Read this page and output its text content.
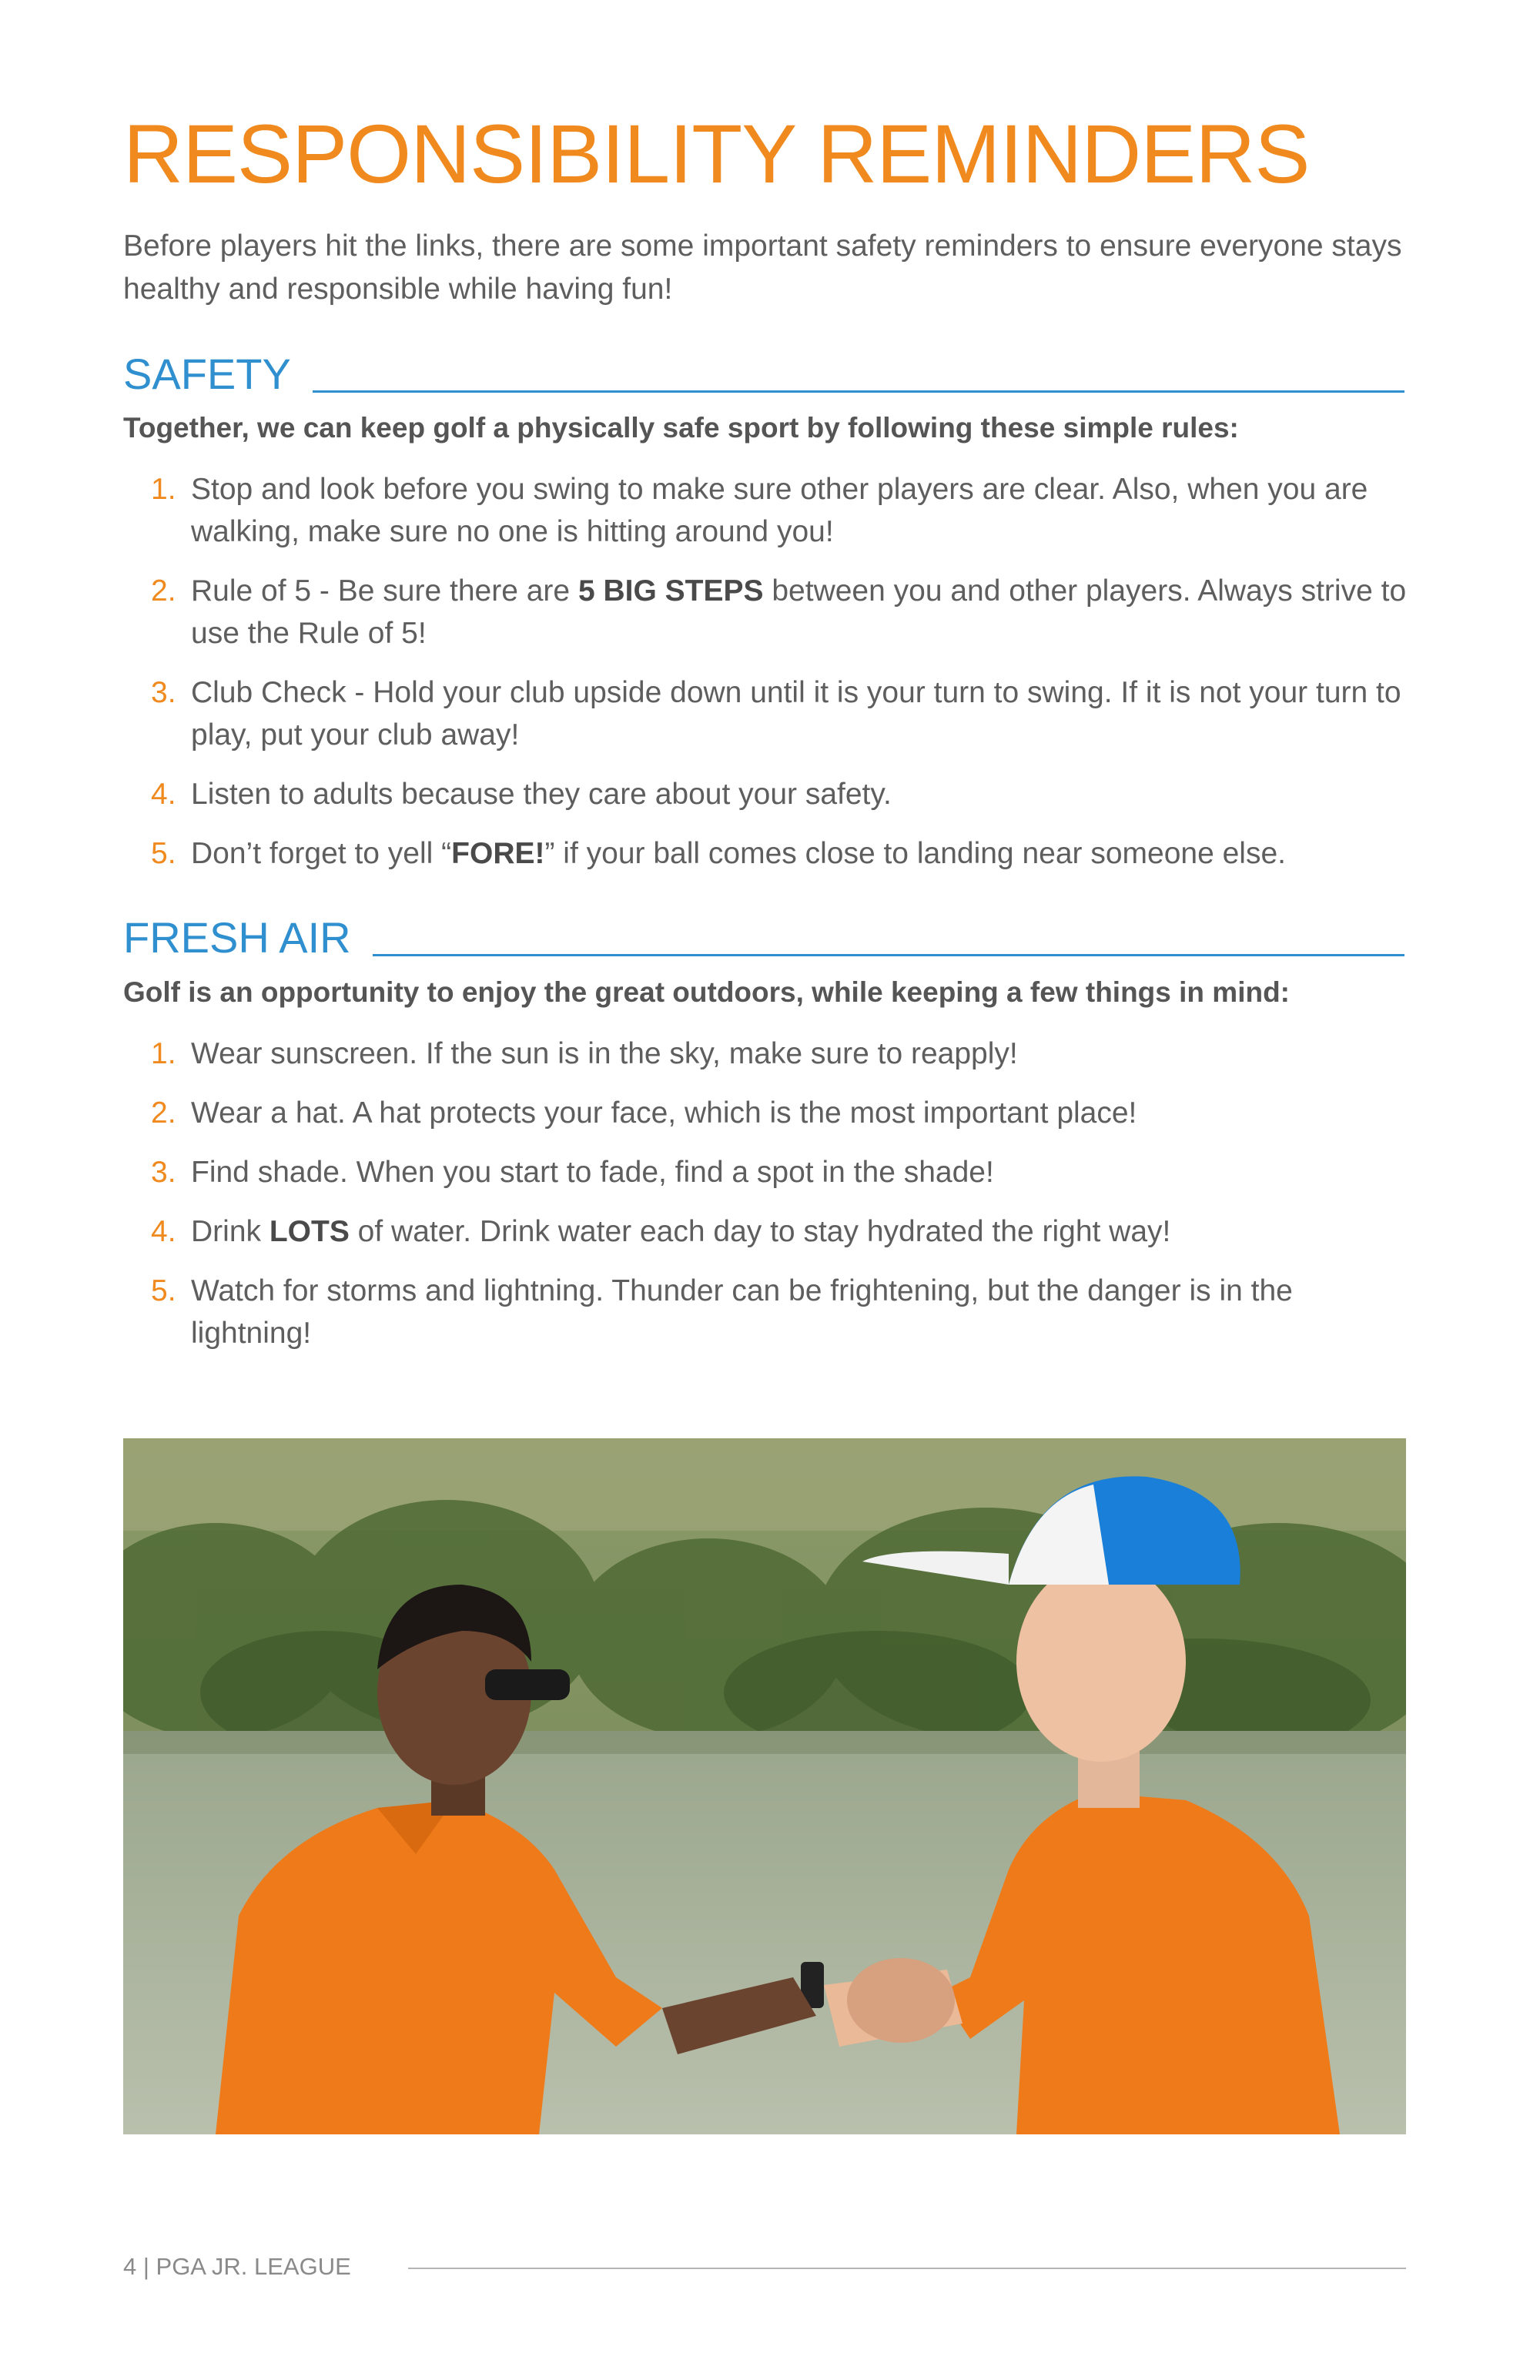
RESPONSIBILITY REMINDERS

Before players hit the links, there are some important safety reminders to ensure everyone stays healthy and responsible while having fun!

SAFETY

Together, we can keep golf a physically safe sport by following these simple rules:

1. Stop and look before you swing to make sure other players are clear. Also, when you are walking, make sure no one is hitting around you!
2. Rule of 5 - Be sure there are 5 BIG STEPS between you and other players. Always strive to use the Rule of 5!
3. Club Check - Hold your club upside down until it is your turn to swing. If it is not your turn to play, put your club away!
4. Listen to adults because they care about your safety.
5. Don’t forget to yell “FORE!” if your ball comes close to landing near someone else.
FRESH AIR

Golf is an opportunity to enjoy the great outdoors, while keeping a few things in mind:

1. Wear sunscreen. If the sun is in the sky, make sure to reapply!
2. Wear a hat. A hat protects your face, which is the most important place!
3. Find shade. When you start to fade, find a spot in the shade!
4. Drink LOTS of water. Drink water each day to stay hydrated the right way!
5. Watch for storms and lightning. Thunder can be frightening, but the danger is in the lightning!
4 | PGA JR. LEAGUE
